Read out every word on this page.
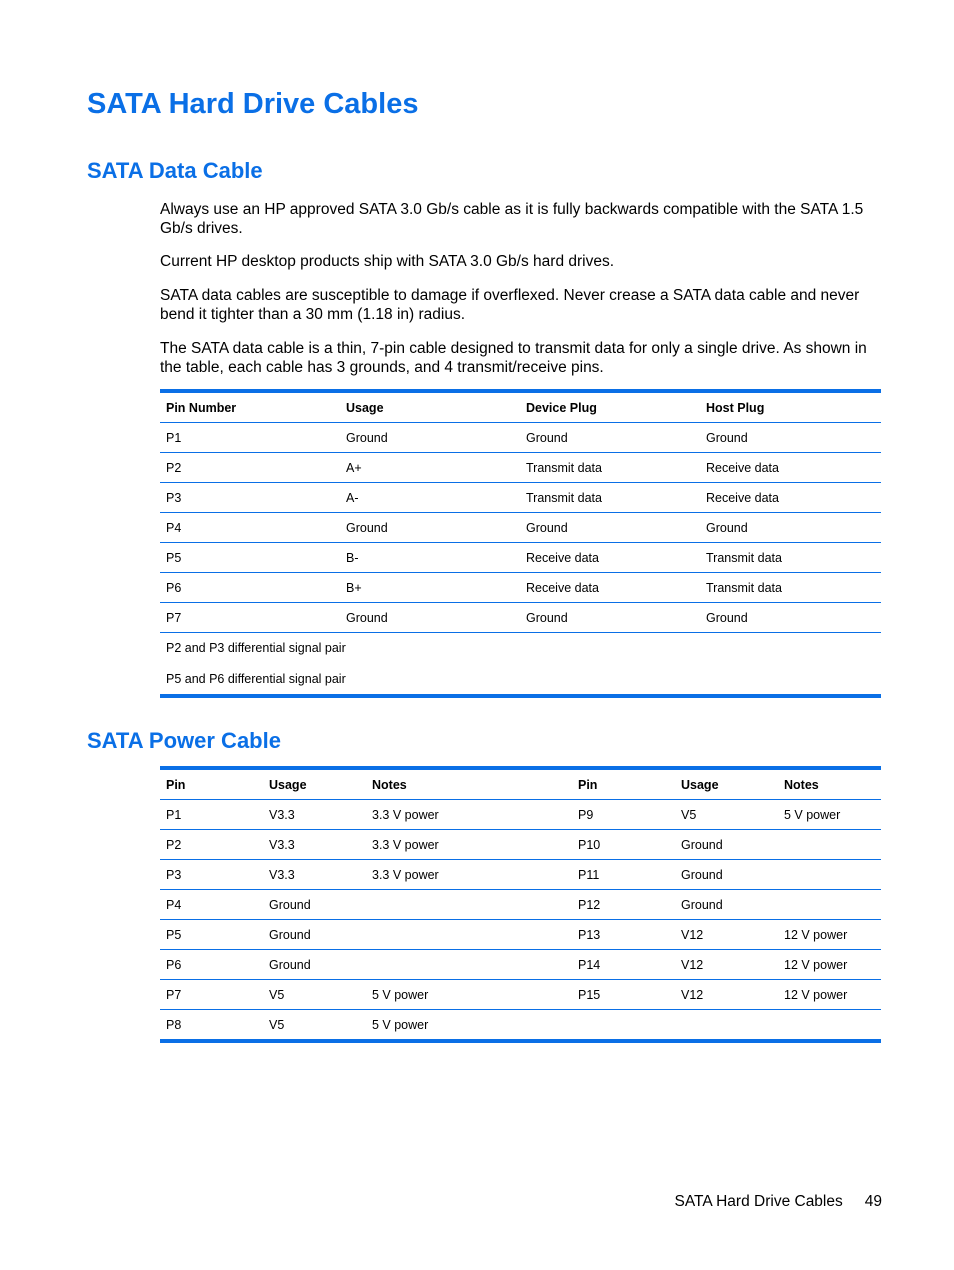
SATA Hard Drive Cables
SATA Data Cable

Always use an HP approved SATA 3.0 Gb/s cable as it is fully backwards compatible with the SATA 1.5 Gb/s drives.

Current HP desktop products ship with SATA 3.0 Gb/s hard drives.

SATA data cables are susceptible to damage if overflexed. Never crease a SATA data cable and never bend it tighter than a 30 mm (1.18 in) radius.

The SATA data cable is a thin, 7-pin cable designed to transmit data for only a single drive. As shown in the table, each cable has 3 grounds, and 4 transmit/receive pins.

Pin Number	Usage	Device Plug	Host Plug
P1	Ground	Ground	Ground
P2	A+	Transmit data	Receive data
P3	A-	Transmit data	Receive data
P4	Ground	Ground	Ground
P5	B-	Receive data	Transmit data
P6	B+	Receive data	Transmit data
P7	Ground	Ground	Ground
P2 and P3 differential signal pair			
P5 and P6 differential signal pair			
SATA Power Cable
Pin	Usage	Notes	Pin	Usage	Notes
P1	V3.3	3.3 V power	P9	V5	5 V power
P2	V3.3	3.3 V power	P10	Ground	
P3	V3.3	3.3 V power	P11	Ground	
P4	Ground		P12	Ground	
P5	Ground		P13	V12	12 V power
P6	Ground		P14	V12	12 V power
P7	V5	5 V power	P15	V12	12 V power
P8	V5	5 V power			
SATA Hard Drive Cables 49
